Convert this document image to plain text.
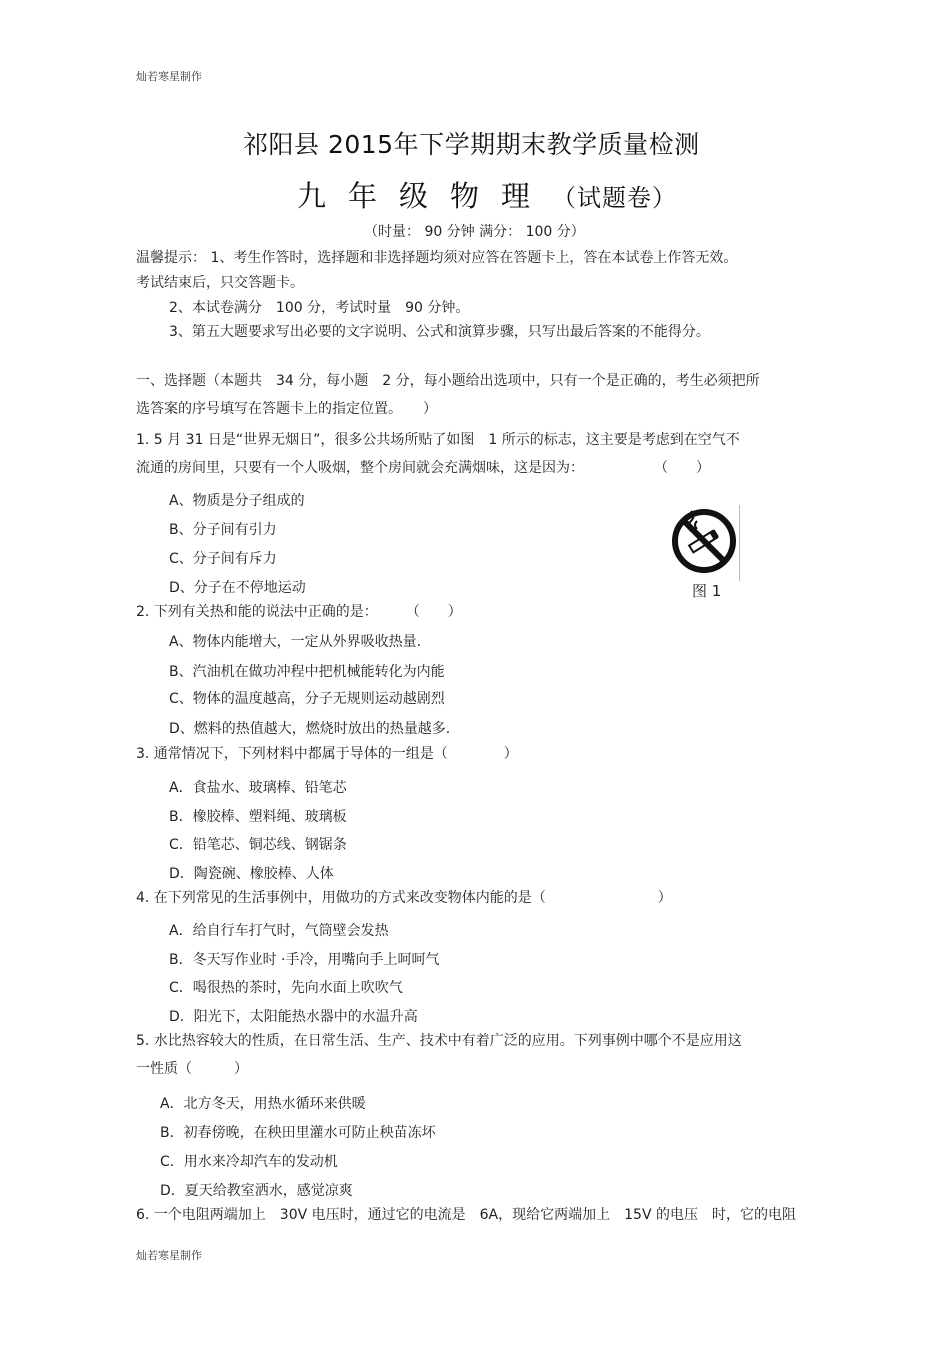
灿若寒星制作
祁阳县 2015年下学期期末教学质量检测
九年级物理（试题卷）
（时量： 90 分钟 满分： 100 分）
温馨提示： 1、考生作答时，选择题和非选择题均须对应答在答题卡上，答在本试卷上作答无效。
考试结束后，只交答题卡。
2、本试卷满分　100 分，考试时量　90 分钟。
3、第五大题要求写出必要的文字说明、公式和演算步骤，只写出最后答案的不能得分。
一、选择题（本题共　34 分，每小题　2 分，每小题给出选项中，只有一个是正确的，考生必须把所
选答案的序号填写在答题卡上的指定位置。　　）
1. 5 月 31 日是“世界无烟日”，很多公共场所贴了如图　1 所示的标志，这主要是考虑到在空气不
流通的房间里，只要有一个人吸烟，整个房间就会充满烟味，这是因为：　　　　　　（　　）
A、物质是分子组成的
B、分子间有引力
C、分子间有斥力
D、分子在不停地运动	图 1
2. 下列有关热和能的说法中正确的是：　　　（　　）
A、物体内能增大，一定从外界吸收热量.
B、汽油机在做功冲程中把机械能转化为内能
C、物体的温度越高，分子无规则运动越剧烈
D、燃料的热值越大，燃烧时放出的热量越多.
3. 通常情况下，下列材料中都属于导体的一组是（　　　　）
A．食盐水、玻璃棒、铅笔芯
B．橡胶棒、塑料绳、玻璃板
C．铅笔芯、铜芯线、钢锯条
D．陶瓷碗、橡胶棒、人体
4. 在下列常见的生活事例中，用做功的方式来改变物体内能的是（　　　　　　　　）
A．给自行车打气时，气筒壁会发热
B．冬天写作业时 ·手冷，用嘴向手上呵呵气
C．喝很热的茶时，先向水面上吹吹气
D．阳光下，太阳能热水器中的水温升高
5. 水比热容较大的性质，在日常生活、生产、技术中有着广泛的应用。下列事例中哪个不是应用这
一性质（　　　）
A．北方冬天，用热水循环来供暖
B．初春傍晚，在秧田里灌水可防止秧苗冻坏
C．用水来冷却汽车的发动机
D．夏天给教室洒水，感觉凉爽
6. 一个电阻两端加上　30V 电压时，通过它的电流是　6A，现给它两端加上　15V 的电压　时，它的电阻
灿若寒星制作
